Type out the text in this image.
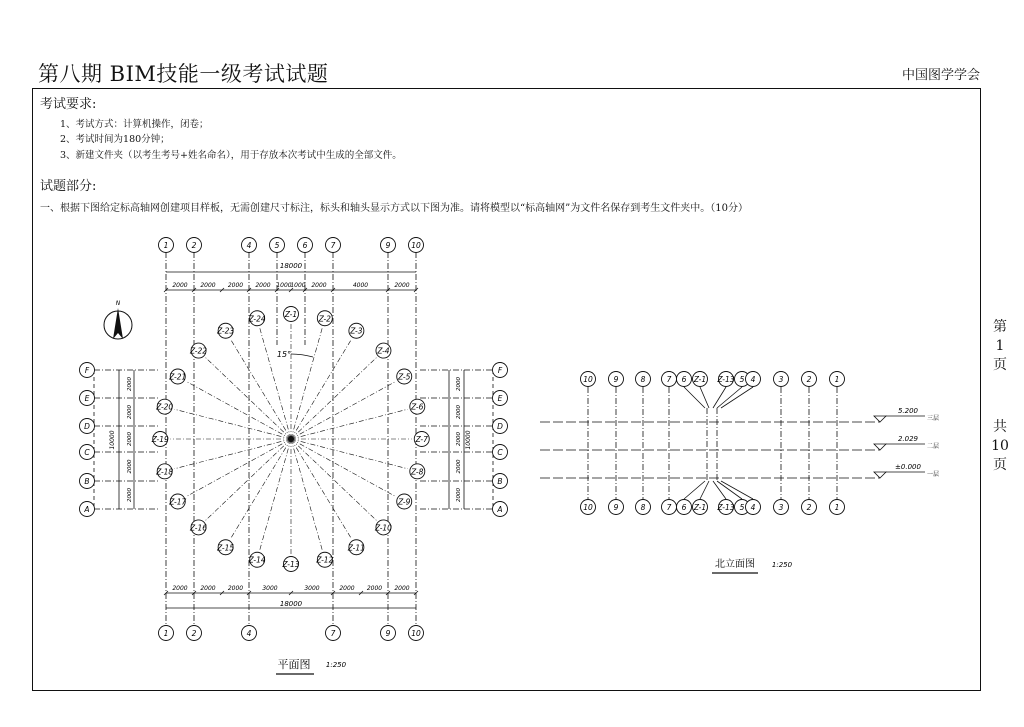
第八期 BIM技能一级考试试题	中国图学学会
第
1
页
共
10
页
考试要求:
1、考试方式：计算机操作，闭卷；
2、考试时间为180分钟；
3、新建文件夹（以考生考号+姓名命名），用于存放本次考试中生成的全部文件。
试题部分:
一、根据下图给定标高轴网创建项目样板，无需创建尺寸标注，标头和轴头显示方式以下图为准。请将模型以“标高轴网”为文件名保存到考生文件夹中。（10分）
1	2	4	5	6	7	9	10
1	2	4	7	9	10
F	F
E	E
D	D
C	C
B	B
A	A
18000
2000 2000 2000 2000 1000
1000 2000	4000	2000
2000 2000 2000	3000	3000	2000 2000 2000
18000
2000	2000
2000	2000
2000	2000
2000	2000
2000	2000
10000	10000
Z-1	Z-2
Z-3
Z-4
Z-5
Z-6
Z-7
Z-8
Z-9
Z-10
Z-11
Z-12
Z-13
Z-14
Z-15
Z-16
Z-17
Z-18
Z-19
Z-20
Z-21
Z-22
Z-23
Z-24
15°
N
平面图 1:250
10
10
9
9
8
8
7
7
6
6
Z-1
Z-1
Z-13
Z-13
5
5
4
4
3
3
2
2
1
1
5.200
三层
2.029
二层
±0.000
一层
北立面图 1:250
